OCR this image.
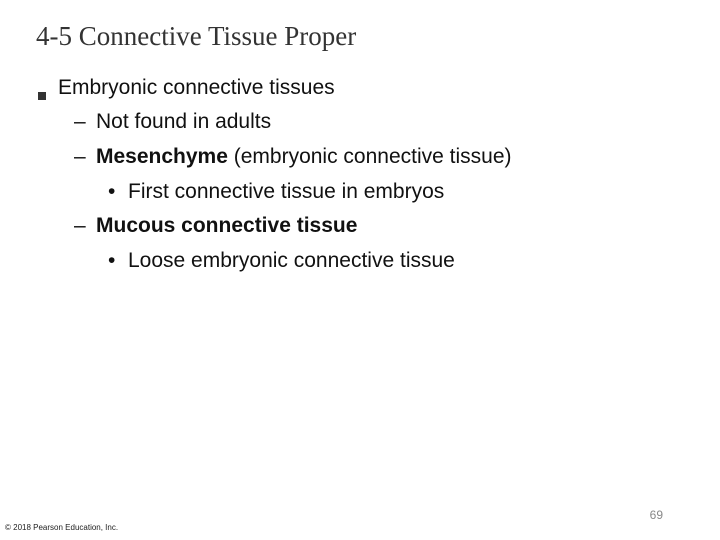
4-5 Connective Tissue Proper
Embryonic connective tissues
– Not found in adults
– Mesenchyme (embryonic connective tissue)
• First connective tissue in embryos
– Mucous connective tissue
• Loose embryonic connective tissue
69
© 2018 Pearson Education, Inc.
